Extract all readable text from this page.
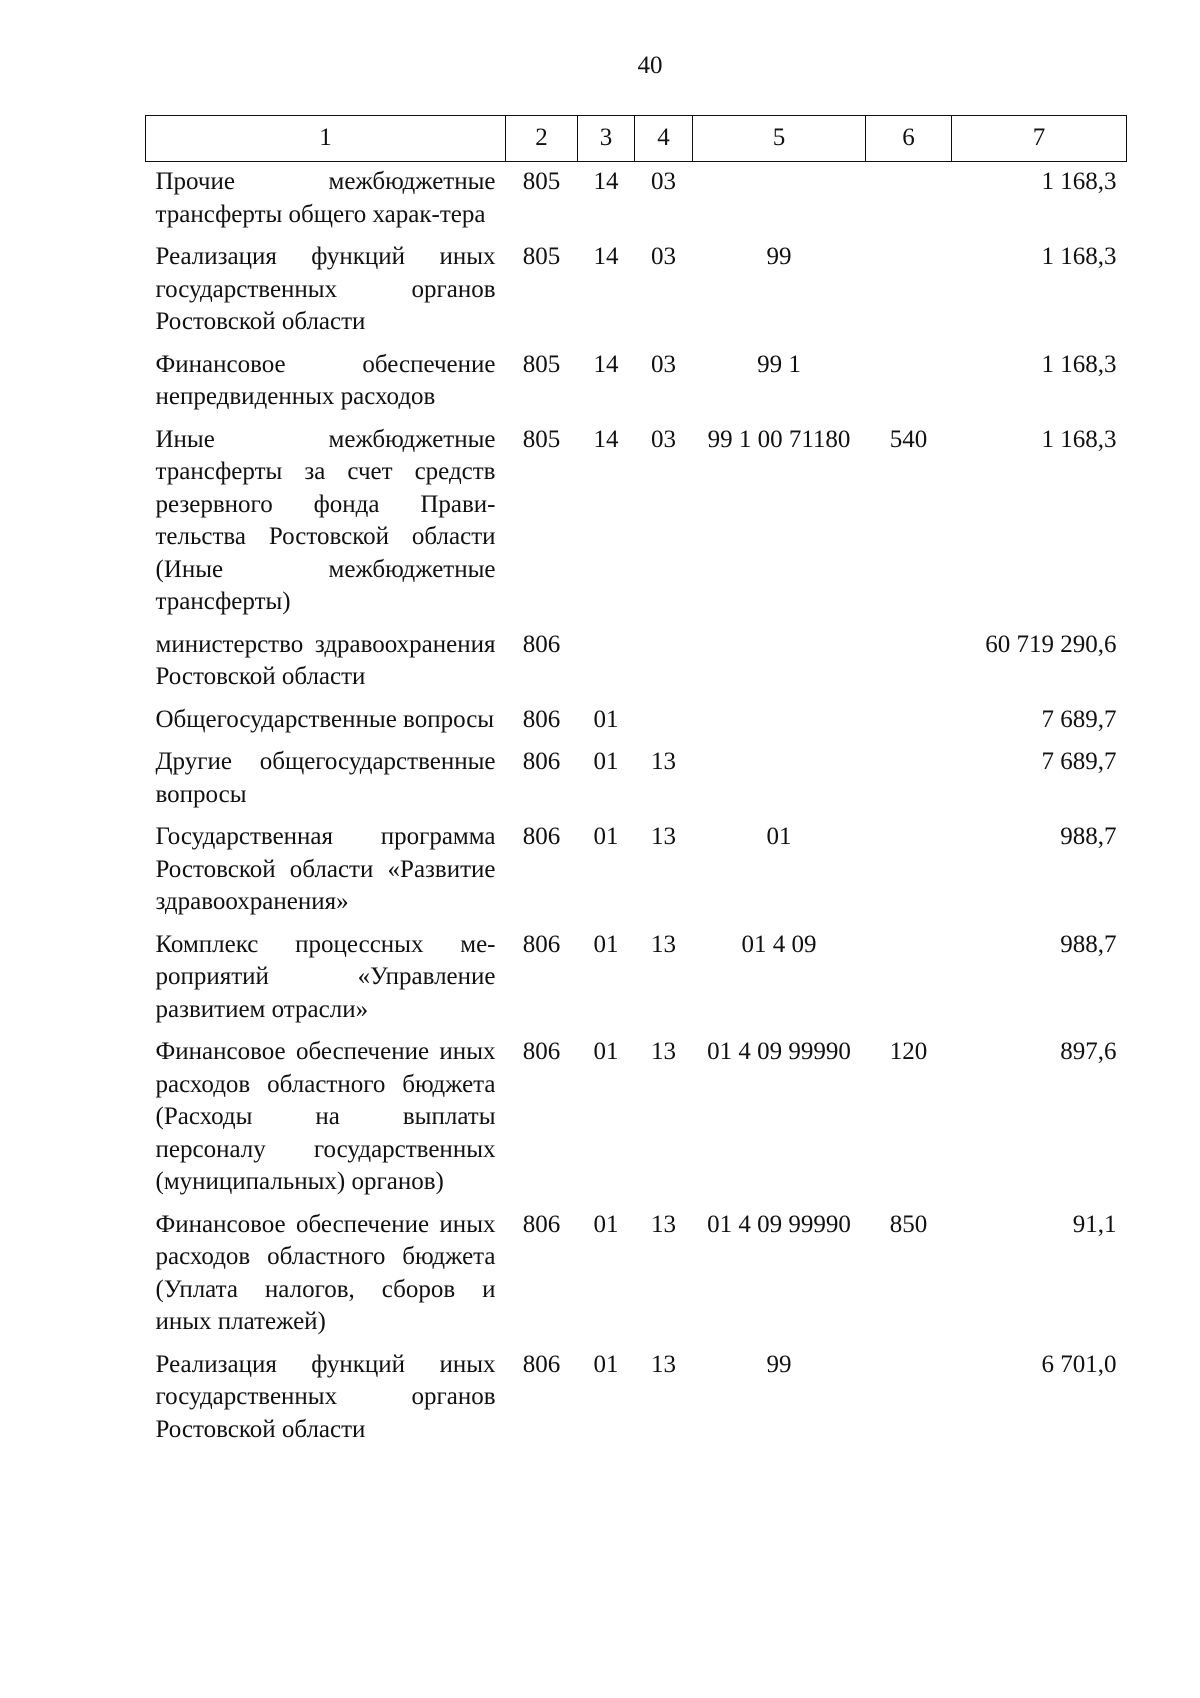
40
1	2	3	4	5	6	7
Прочие межбюджетные трансферты общего харак-тера	805	14	03			1 168,3
Реализация функций иных государственных органов Ростовской области	805	14	03	99		1 168,3
Финансовое обеспечение непредвиденных расходов	805	14	03	99 1		1 168,3
Иные межбюджетные трансферты за счет средств резервного фонда Правительства Ростовской области (Иные межбюджетные трансферты)	805	14	03	99 1 00 71180	540	1 168,3
министерство здравоохранения Ростовской области	806					60 719 290,6
Общегосударственные вопросы	806	01				7 689,7
Другие общегосударственные вопросы	806	01	13			7 689,7
Государственная программа Ростовской области «Развитие здравоохранения»	806	01	13	01		988,7
Комплекс процессных мероприятий «Управление развитием отрасли»	806	01	13	01 4 09		988,7
Финансовое обеспечение иных расходов областного бюджета (Расходы на выплаты персоналу государственных (муниципальных) органов)	806	01	13	01 4 09 99990	120	897,6
Финансовое обеспечение иных расходов областного бюджета (Уплата налогов, сборов и иных платежей)	806	01	13	01 4 09 99990	850	91,1
Реализация функций иных государственных органов Ростовской области	806	01	13	99		6 701,0
